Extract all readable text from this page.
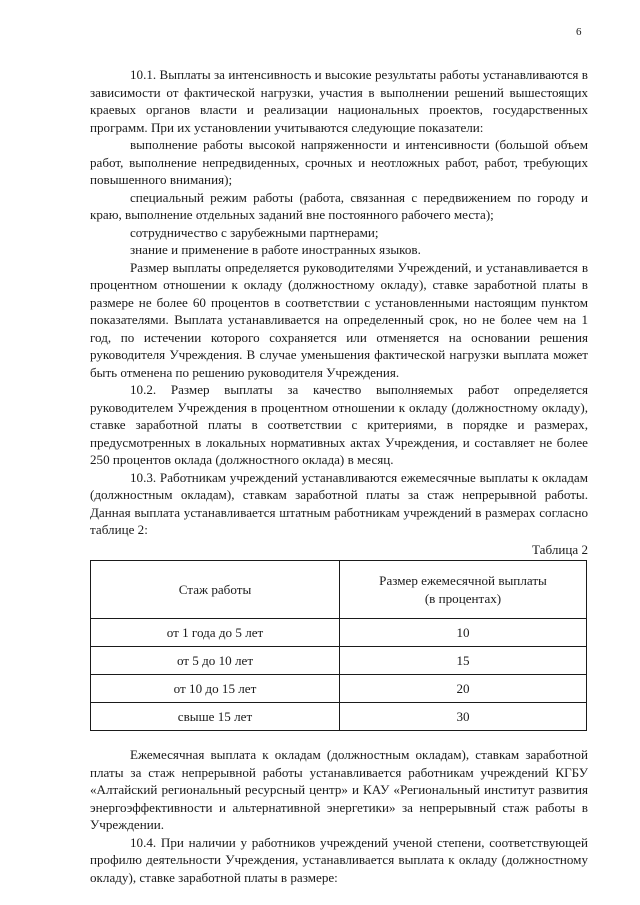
6

10.1. Выплаты за интенсивность и высокие результаты работы устанавливаются в зависимости от фактической нагрузки, участия в выполнении решений вышестоящих краевых органов власти и реализации национальных проектов, государственных программ. При их установлении учитываются следующие показатели:

выполнение работы высокой напряженности и интенсивности (большой объем работ, выполнение непредвиденных, срочных и неотложных работ, работ, требующих повышенного внимания);

специальный режим работы (работа, связанная с передвижением по городу и краю, выполнение отдельных заданий вне постоянного рабочего места);

сотрудничество с зарубежными партнерами;

знание и применение в работе иностранных языков.

Размер выплаты определяется руководителями Учреждений, и устанавливается в процентном отношении к окладу (должностному окладу), ставке заработной платы в размере не более 60 процентов в соответствии с установленными настоящим пунктом показателями. Выплата устанавливается на определенный срок, но не более чем на 1 год, по истечении которого сохраняется или отменяется на основании решения руководителя Учреждения. В случае уменьшения фактической нагрузки выплата может быть отменена по решению руководителя Учреждения.

10.2. Размер выплаты за качество выполняемых работ определяется руководителем Учреждения в процентном отношении к окладу (должностному окладу), ставке заработной платы в соответствии с критериями, в порядке и размерах, предусмотренных в локальных нормативных актах Учреждения, и составляет не более 250 процентов оклада (должностного оклада) в месяц.

10.3. Работникам учреждений устанавливаются ежемесячные выплаты к окладам (должностным окладам), ставкам заработной платы за стаж непрерывной работы. Данная выплата устанавливается штатным работникам учреждений в размерах согласно таблице 2:

Таблица 2

Стаж работы	Размер ежемесячной выплаты
(в процентах)
от 1 года до 5 лет	10
от 5 до 10 лет	15
от 10 до 15 лет	20
свыше 15 лет	30

Ежемесячная выплата к окладам (должностным окладам), ставкам заработной платы за стаж непрерывной работы устанавливается работникам учреждений КГБУ «Алтайский региональный ресурсный центр» и КАУ «Региональный институт развития энергоэффективности и альтернативной энергетики» за непрерывный стаж работы в Учреждении.

10.4. При наличии у работников учреждений ученой степени, соответствующей профилю деятельности Учреждения, устанавливается выплата к окладу (должностному окладу), ставке заработной платы в размере:
